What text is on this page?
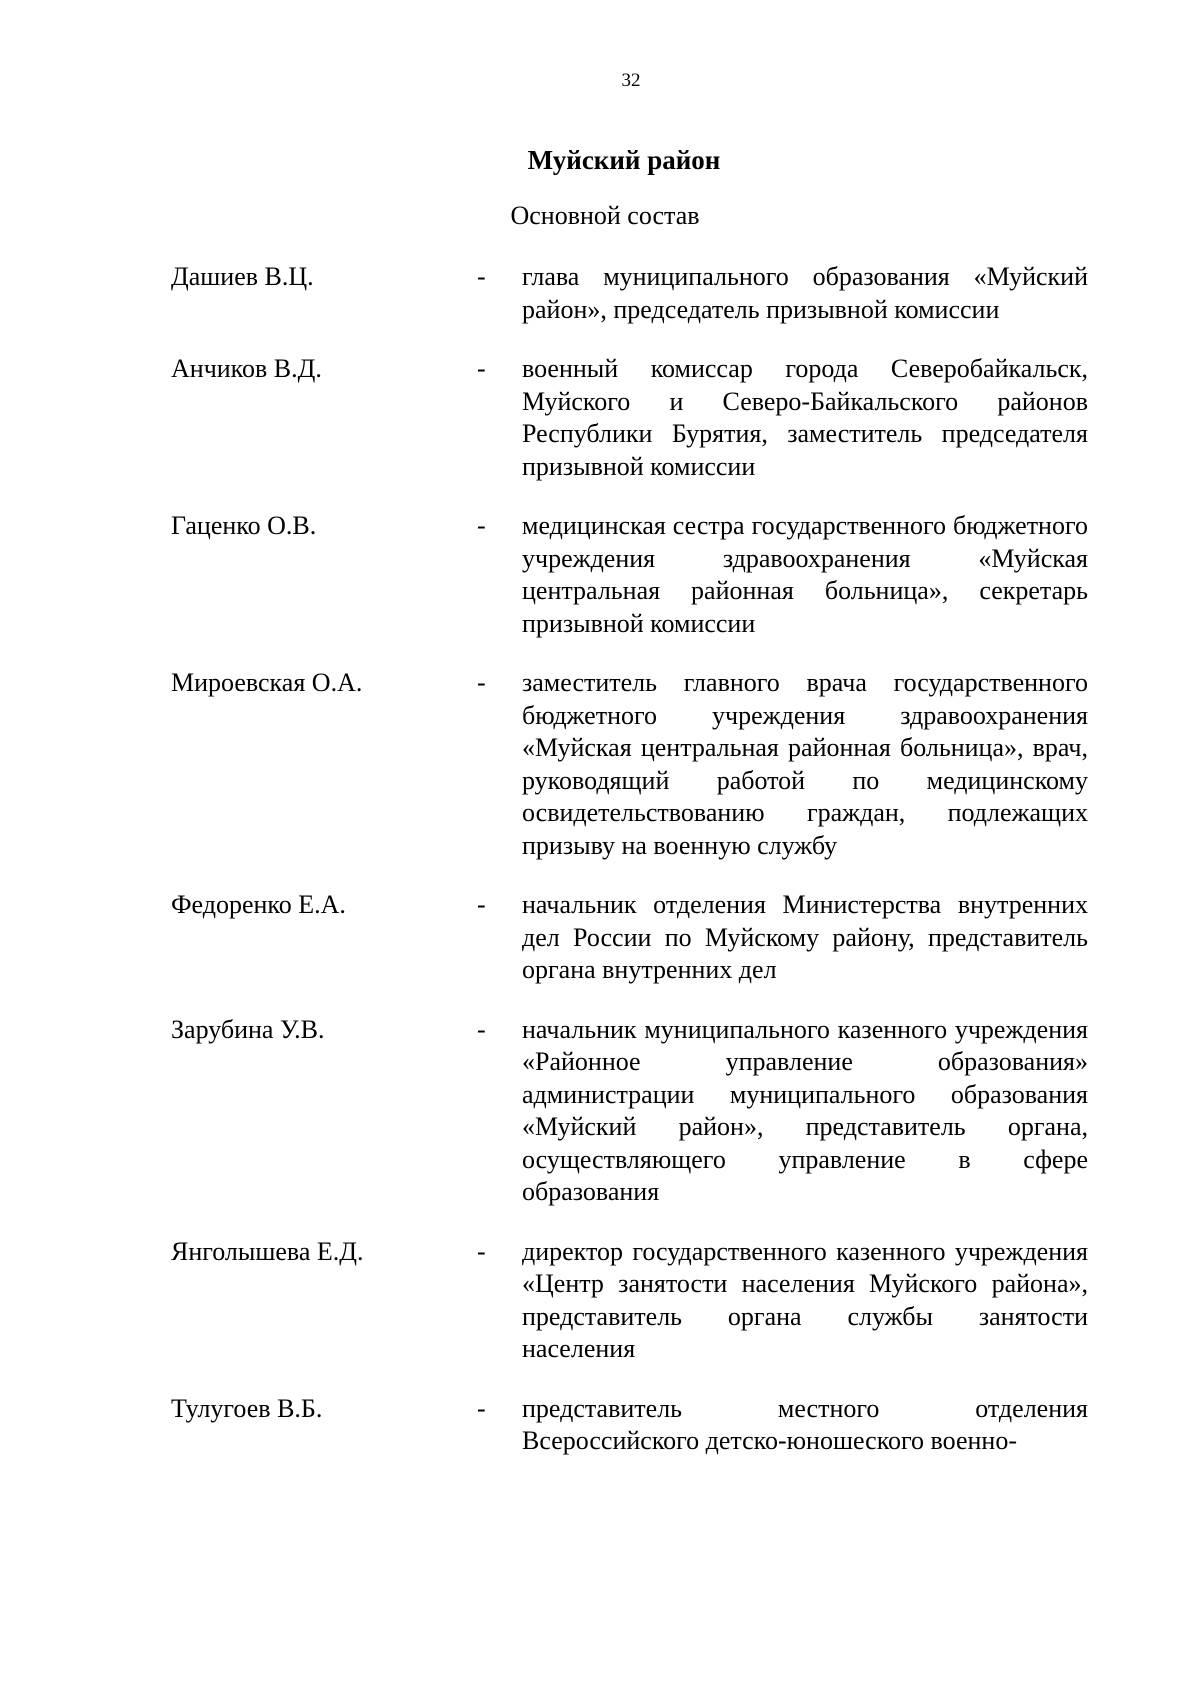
32
Муйский район
Основной состав
Дашиев В.Ц.	- глава муниципального образования «Муйский район», председатель призывной комиссии
Анчиков В.Д.	- военный комиссар города Северобайкальск, Муйского и Северо-Байкальского районов Республики Бурятия, заместитель председателя призывной комиссии
Гаценко О.В.	- медицинская сестра государственного бюджетного учреждения здравоохранения «Муйская центральная районная больница», секретарь призывной комиссии
Мироевская О.А.	- заместитель главного врача государственного бюджетного учреждения здравоохранения «Муйская центральная районная больница», врач, руководящий работой по медицинскому освидетельствованию граждан, подлежащих призыву на военную службу
Федоренко Е.А.	- начальник отделения Министерства внутренних дел России по Муйскому району, представитель органа внутренних дел
Зарубина У.В.	- начальник муниципального казенного учреждения «Районное управление образования» администрации муниципального образования «Муйский район», представитель органа, осуществляющего управление в сфере образования
Янголышева Е.Д.	- директор государственного казенного учреждения «Центр занятости населения Муйского района», представитель органа службы занятости населения
Тулугоев В.Б.	- представитель местного отделения Всероссийского детско-юношеского военно-
